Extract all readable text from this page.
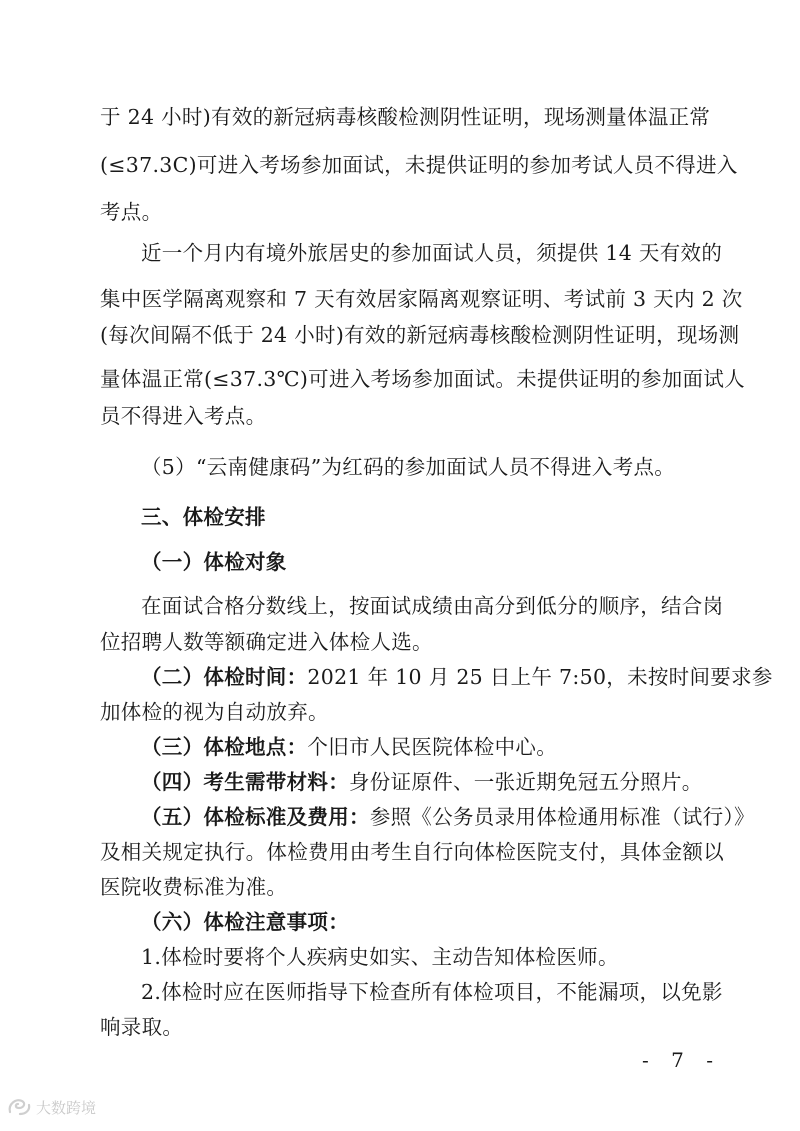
于 24 小时)有效的新冠病毒核酸检测阴性证明，现场测量体温正常
(≤37.3C)可进入考场参加面试，未提供证明的参加考试人员不得进入
考点。
近一个月内有境外旅居史的参加面试人员，须提供 14 天有效的
集中医学隔离观察和 7 天有效居家隔离观察证明、考试前 3 天内 2 次
(每次间隔不低于 24 小时)有效的新冠病毒核酸检测阴性证明，现场测
量体温正常(≤37.3℃)可进入考场参加面试。未提供证明的参加面试人
员不得进入考点。
（5）“云南健康码”为红码的参加面试人员不得进入考点。
三、体检安排
（一）体检对象
在面试合格分数线上，按面试成绩由高分到低分的顺序，结合岗
位招聘人数等额确定进入体检人选。
（二）体检时间：2021 年 10 月 25 日上午 7:50，未按时间要求参
加体检的视为自动放弃。
（三）体检地点：个旧市人民医院体检中心。
（四）考生需带材料：身份证原件、一张近期免冠五分照片。
（五）体检标准及费用：参照《公务员录用体检通用标准（试行）》
及相关规定执行。体检费用由考生自行向体检医院支付，具体金额以
医院收费标准为准。
（六）体检注意事项：
1.体检时要将个人疾病史如实、主动告知体检医师。
2.体检时应在医师指导下检查所有体检项目，不能漏项，以免影
响录取。
- 7 -
大数跨境
